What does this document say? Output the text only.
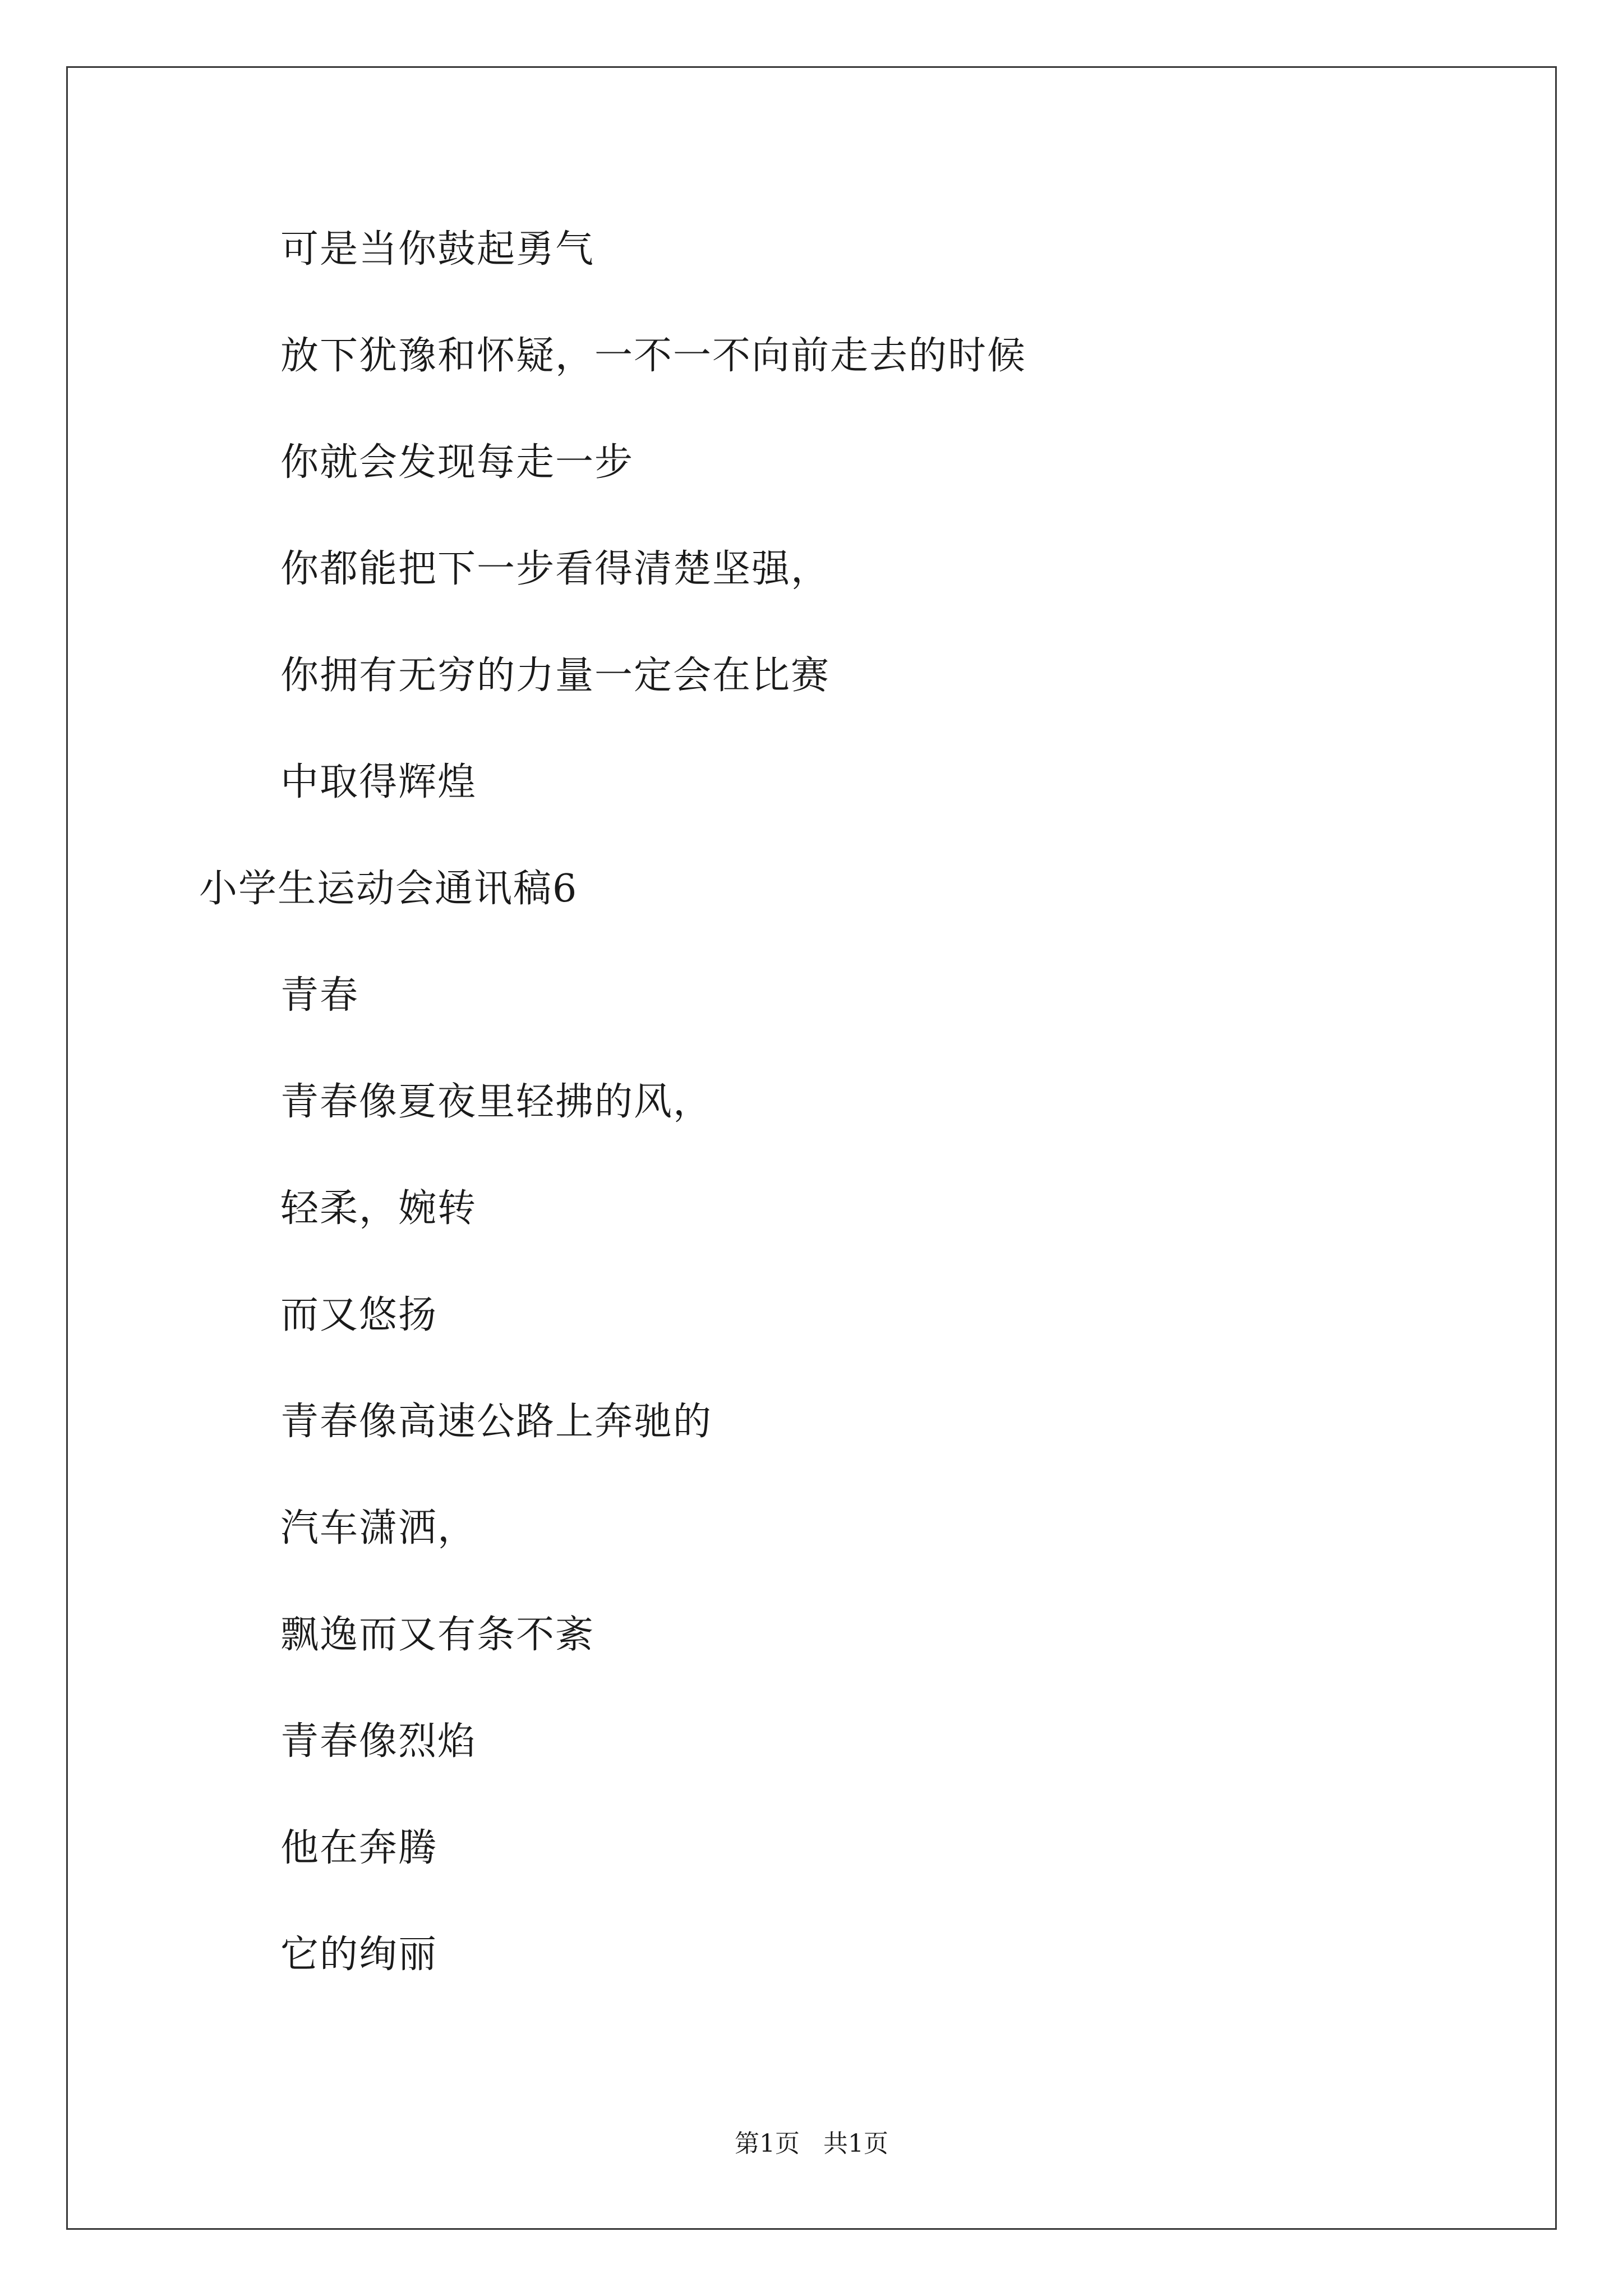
可是当你鼓起勇气
放下犹豫和怀疑，一不一不向前走去的时候
你就会发现每走一步
你都能把下一步看得清楚坚强，
你拥有无穷的力量一定会在比赛
中取得辉煌
小学生运动会通讯稿6
青春
青春像夏夜里轻拂的风，
轻柔，婉转
而又悠扬
青春像高速公路上奔驰的
汽车潇洒，
飘逸而又有条不紊
青春像烈焰
他在奔腾
它的绚丽
第1页   共1页
